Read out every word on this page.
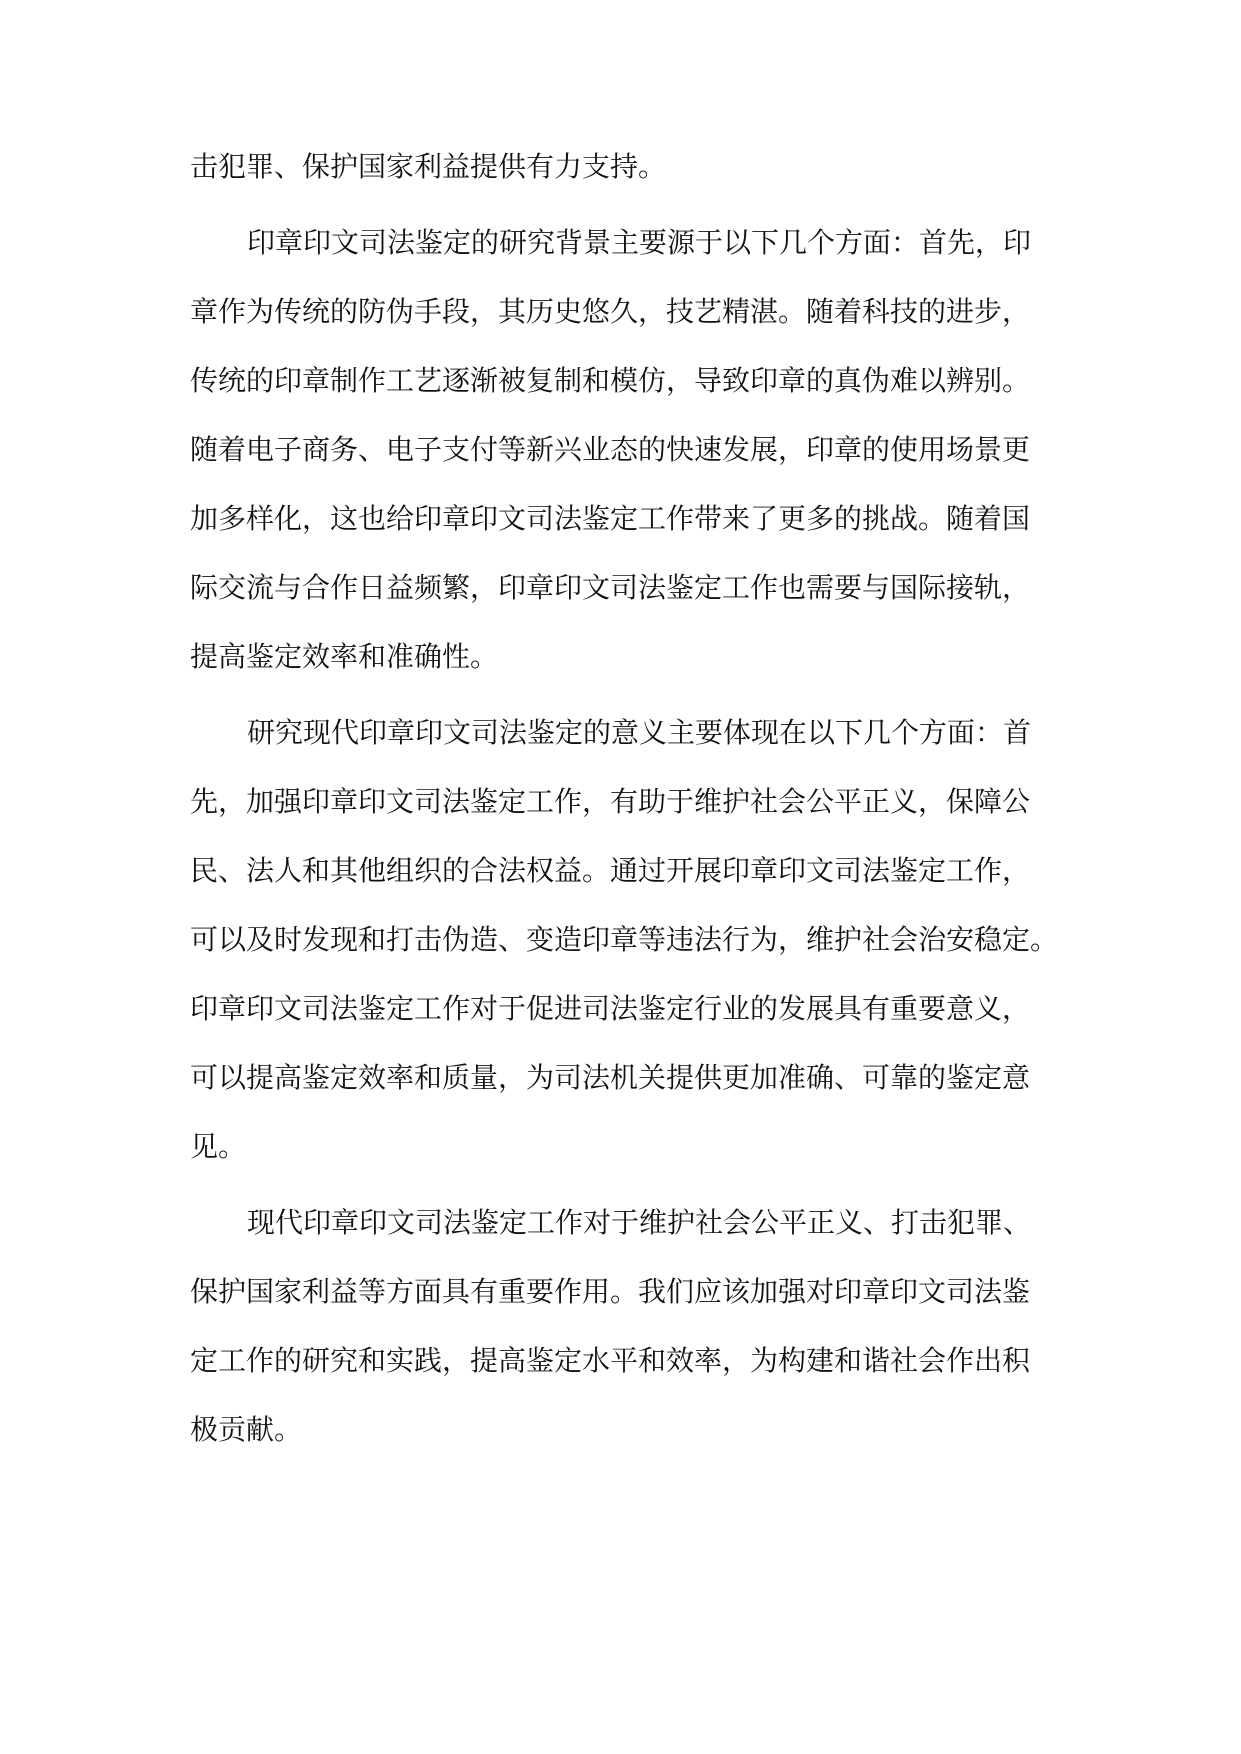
击犯罪、保护国家利益提供有力支持。

印章印文司法鉴定的研究背景主要源于以下几个方面：首先，印

章作为传统的防伪手段，其历史悠久，技艺精湛。随着科技的进步，

传统的印章制作工艺逐渐被复制和模仿，导致印章的真伪难以辨别。

随着电子商务、电子支付等新兴业态的快速发展，印章的使用场景更

加多样化，这也给印章印文司法鉴定工作带来了更多的挑战。随着国

际交流与合作日益频繁，印章印文司法鉴定工作也需要与国际接轨，

提高鉴定效率和准确性。

研究现代印章印文司法鉴定的意义主要体现在以下几个方面：首

先，加强印章印文司法鉴定工作，有助于维护社会公平正义，保障公

民、法人和其他组织的合法权益。通过开展印章印文司法鉴定工作，

可以及时发现和打击伪造、变造印章等违法行为，维护社会治安稳定。

印章印文司法鉴定工作对于促进司法鉴定行业的发展具有重要意义，

可以提高鉴定效率和质量，为司法机关提供更加准确、可靠的鉴定意

见。

现代印章印文司法鉴定工作对于维护社会公平正义、打击犯罪、

保护国家利益等方面具有重要作用。我们应该加强对印章印文司法鉴

定工作的研究和实践，提高鉴定水平和效率，为构建和谐社会作出积

极贡献。
